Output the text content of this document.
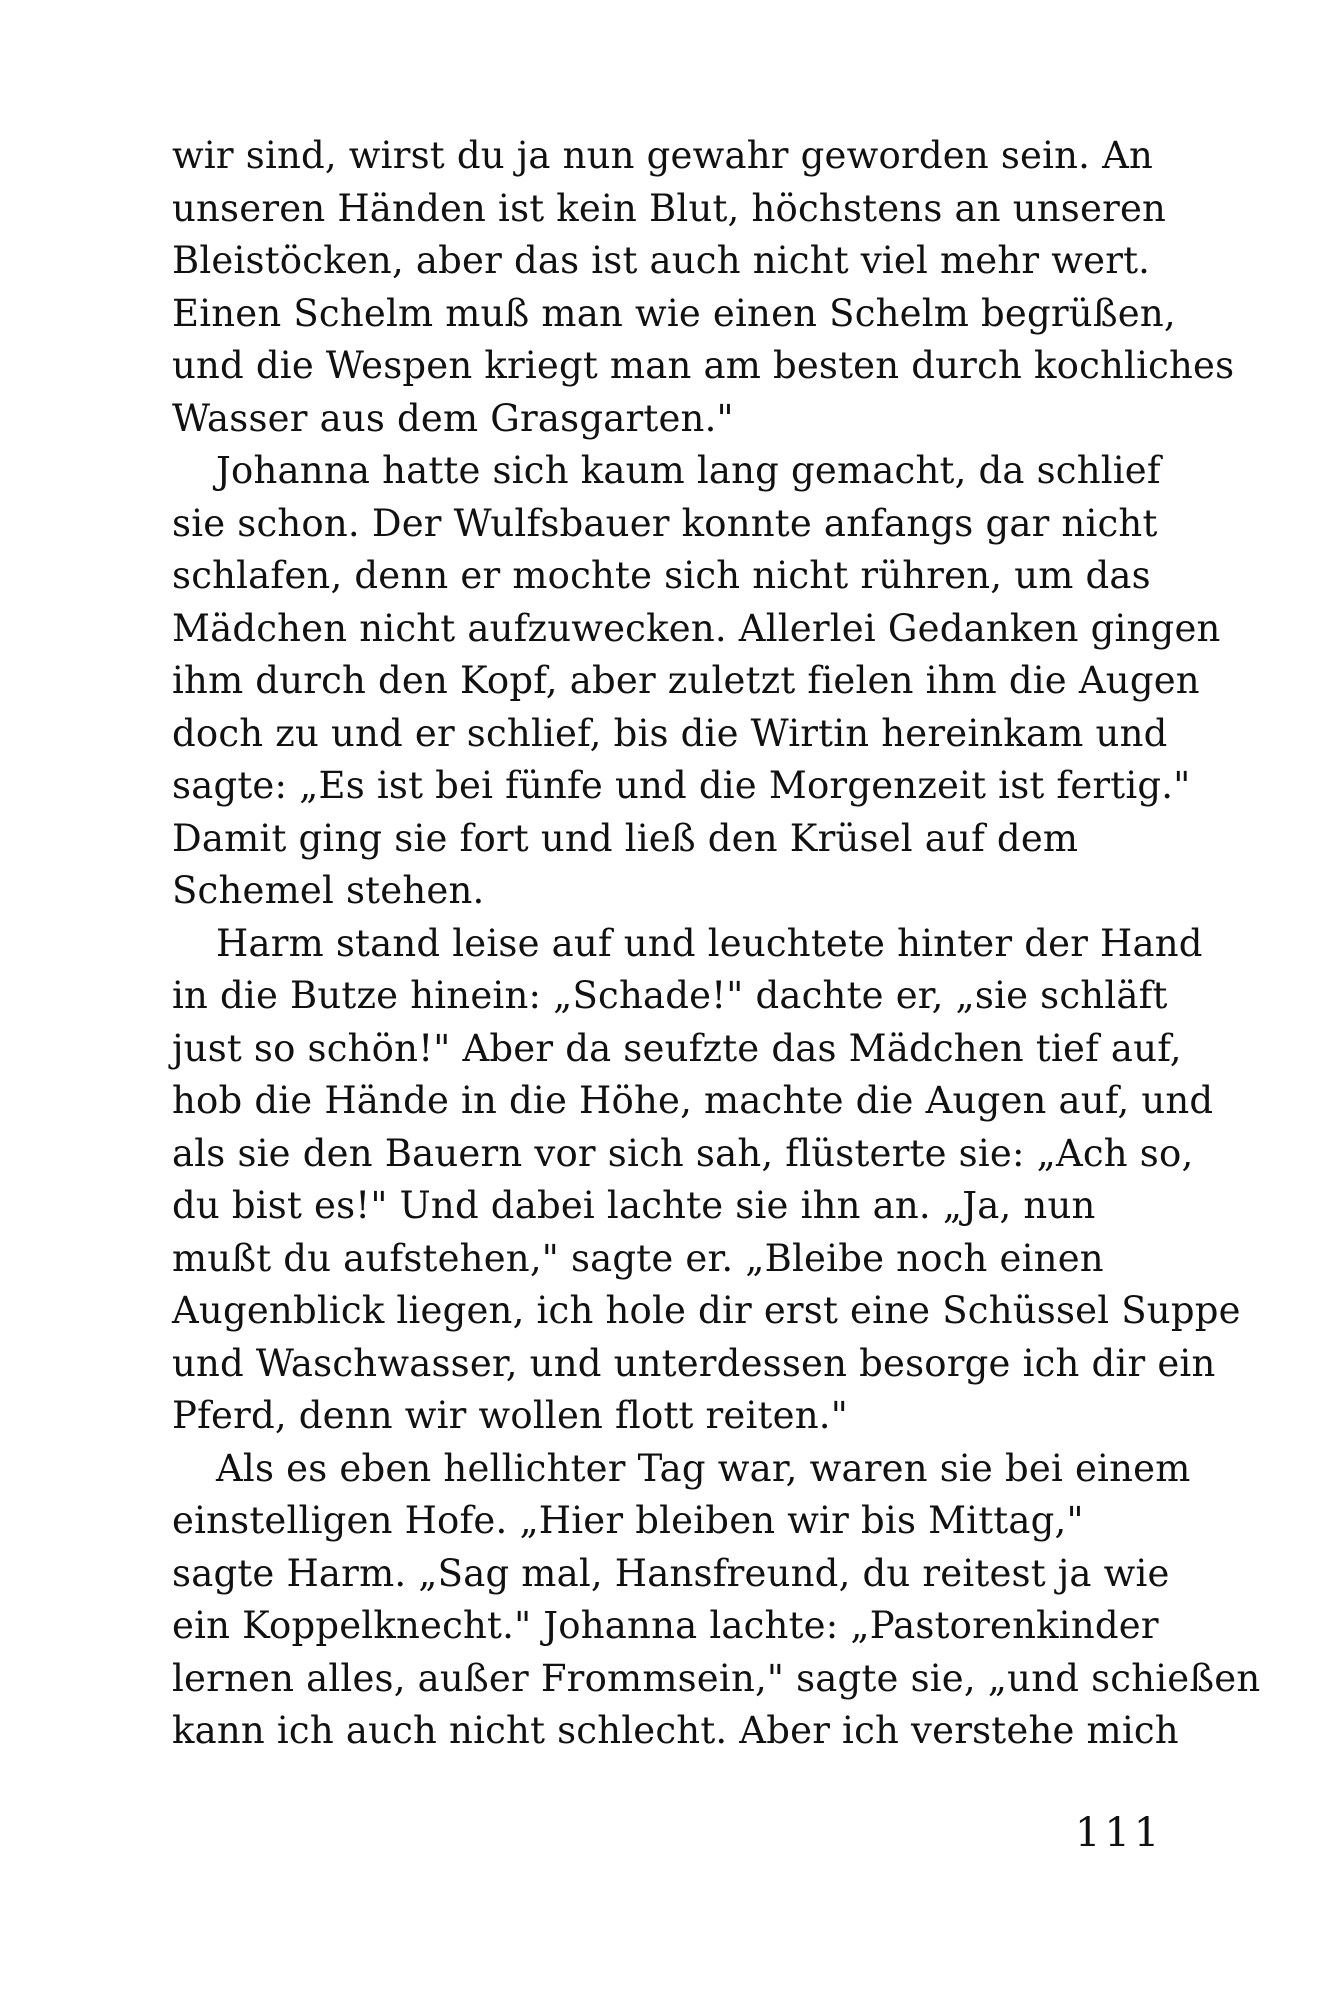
wir sind, wirst du ja nun gewahr geworden sein. An
unseren Händen ist kein Blut, höchstens an unseren
Bleistöcken, aber das ist auch nicht viel mehr wert.
Einen Schelm muß man wie einen Schelm begrüßen,
und die Wespen kriegt man am besten durch kochliches
Wasser aus dem Grasgarten."
Johanna hatte sich kaum lang gemacht, da schlief
sie schon. Der Wulfsbauer konnte anfangs gar nicht
schlafen, denn er mochte sich nicht rühren, um das
Mädchen nicht aufzuwecken. Allerlei Gedanken gingen
ihm durch den Kopf, aber zuletzt fielen ihm die Augen
doch zu und er schlief, bis die Wirtin hereinkam und
sagte: „Es ist bei fünfe und die Morgenzeit ist fertig."
Damit ging sie fort und ließ den Krüsel auf dem
Schemel stehen.
Harm stand leise auf und leuchtete hinter der Hand
in die Butze hinein: „Schade!" dachte er, „sie schläft
just so schön!" Aber da seufzte das Mädchen tief auf,
hob die Hände in die Höhe, machte die Augen auf, und
als sie den Bauern vor sich sah, flüsterte sie: „Ach so,
du bist es!" Und dabei lachte sie ihn an. „Ja, nun
mußt du aufstehen," sagte er. „Bleibe noch einen
Augenblick liegen, ich hole dir erst eine Schüssel Suppe
und Waschwasser, und unterdessen besorge ich dir ein
Pferd, denn wir wollen flott reiten."
Als es eben hellichter Tag war, waren sie bei einem
einstelligen Hofe. „Hier bleiben wir bis Mittag,"
sagte Harm. „Sag mal, Hansfreund, du reitest ja wie
ein Koppelknecht." Johanna lachte: „Pastorenkinder
lernen alles, außer Frommsein," sagte sie, „und schießen
kann ich auch nicht schlecht. Aber ich verstehe mich
111
